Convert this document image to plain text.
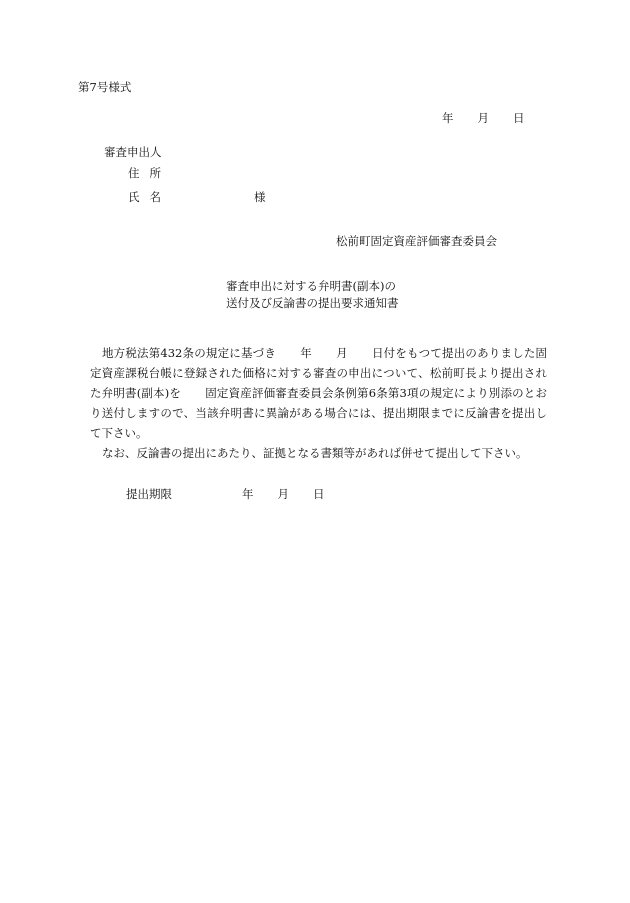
第7号様式
年 月 日
審査申出人
住所
氏名	様
松前町固定資産評価審査委員会
審査申出に対する弁明書(副本)の
送付及び反論書の提出要求通知書

地方税法第432条の規定に基づき 年 月 日付をもつて提出のありました固定資産課税台帳に登録された価格に対する審査の申出について、松前町長より提出された弁明書(副本)を 固定資産評価審査委員会条例第6条第3項の規定により別添のとおり送付しますので、当該弁明書に異論がある場合には、提出期限までに反論書を提出して下さい。

なお、反論書の提出にあたり、証拠となる書類等があれば併せて提出して下さい。

提出期限	年 月 日
